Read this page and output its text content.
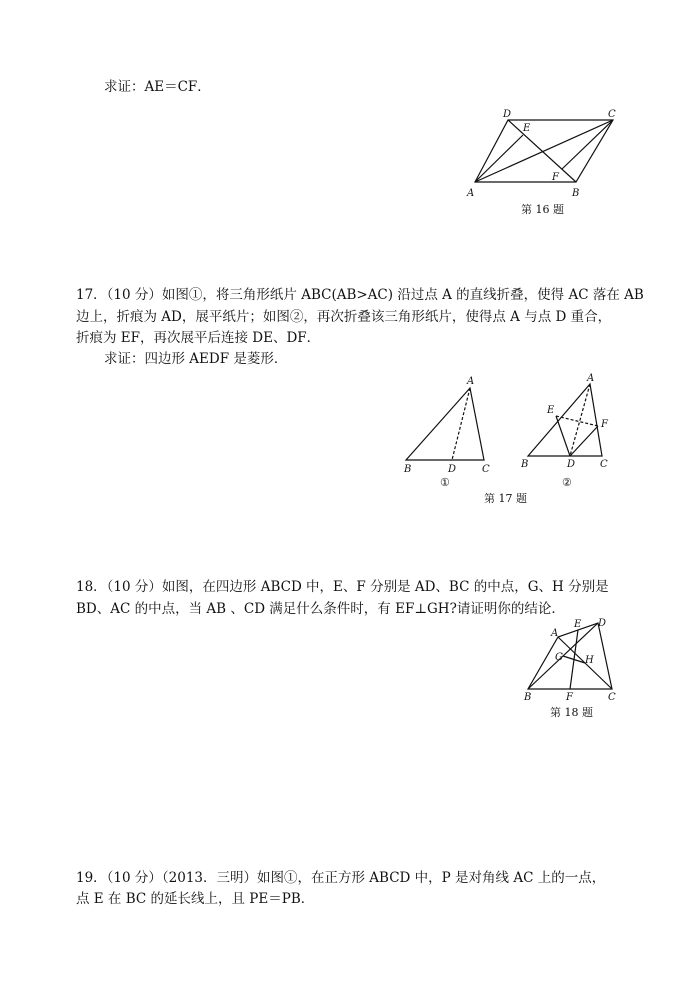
求证：AE＝CF．
A	B
C
D
E
F
第 16 题
17．（10 分）如图①，将三角形纸片 ABC(AB>AC) 沿过点 A 的直线折叠，使得 AC 落在 AB
边上，折痕为 AD，展平纸片；如图②，再次折叠该三角形纸片，使得点 A 与点 D 重合，
折痕为 EF，再次展平后连接 DE、DF．
求证：四边形 AEDF 是菱形．
A
B	D	C
①
A
E
F
B	D C
②
第 17 题
18．（10 分）如图，在四边形 ABCD 中，E、F 分别是 AD、BC 的中点，G、H 分别是
BD、AC 的中点，当 AB 、CD 满足什么条件时，有 EF⊥GH?请证明你的结论．
A
E D
G H
B	F	C
第 18 题
19．（10 分）（2013．三明）如图①，在正方形 ABCD 中，P 是对角线 AC 上的一点，
点 E 在 BC 的延长线上，且 PE＝PB．
